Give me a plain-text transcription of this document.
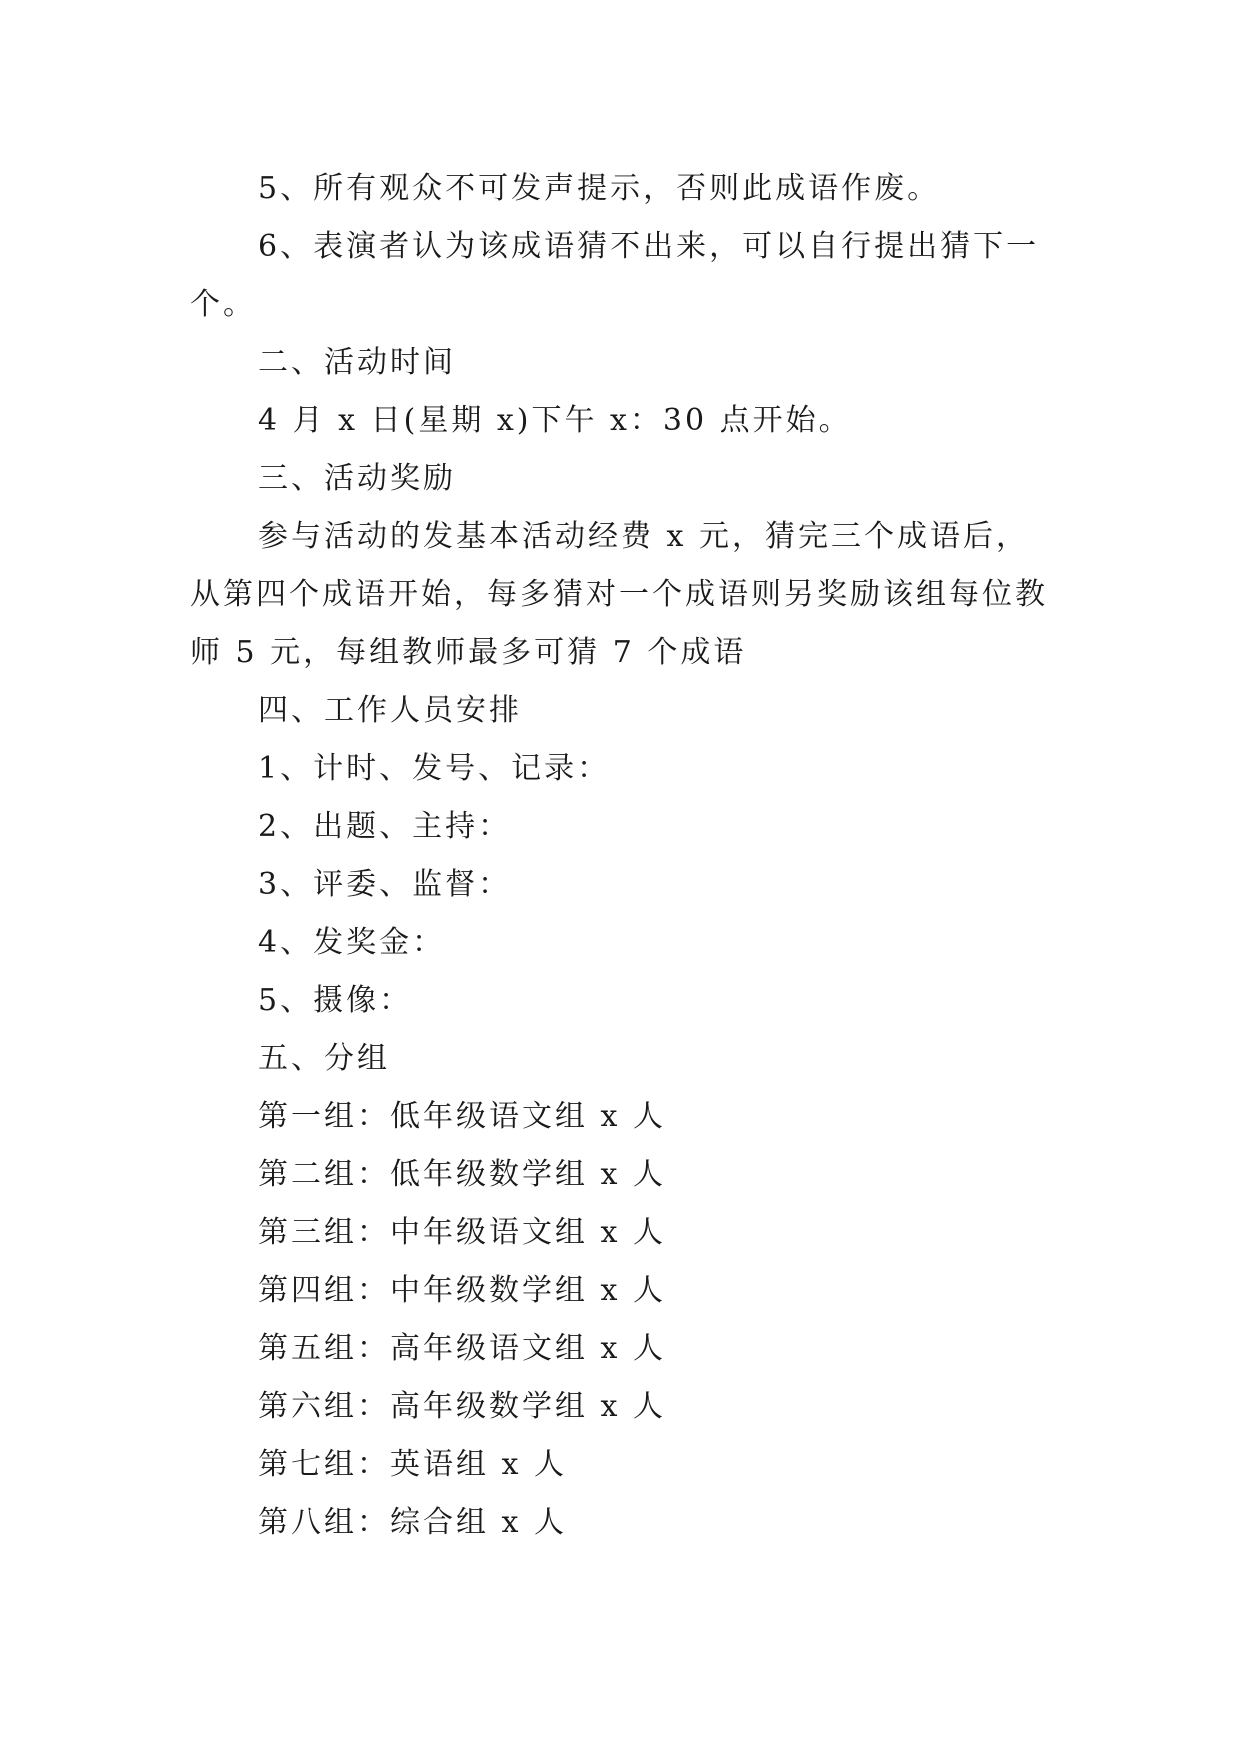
5、所有观众不可发声提示，否则此成语作废。

6、表演者认为该成语猜不出来，可以自行提出猜下一个。

二、活动时间

4 月 x 日(星期 x)下午 x：30 点开始。

三、活动奖励

参与活动的发基本活动经费 x 元，猜完三个成语后，从第四个成语开始，每多猜对一个成语则另奖励该组每位教师 5 元，每组教师最多可猜 7 个成语

四、工作人员安排

1、计时、发号、记录：

2、出题、主持：

3、评委、监督：

4、发奖金：

5、摄像：

五、分组

第一组：低年级语文组 x 人

第二组：低年级数学组 x 人

第三组：中年级语文组 x 人

第四组：中年级数学组 x 人

第五组：高年级语文组 x 人

第六组：高年级数学组 x 人

第七组：英语组 x 人

第八组：综合组 x 人
